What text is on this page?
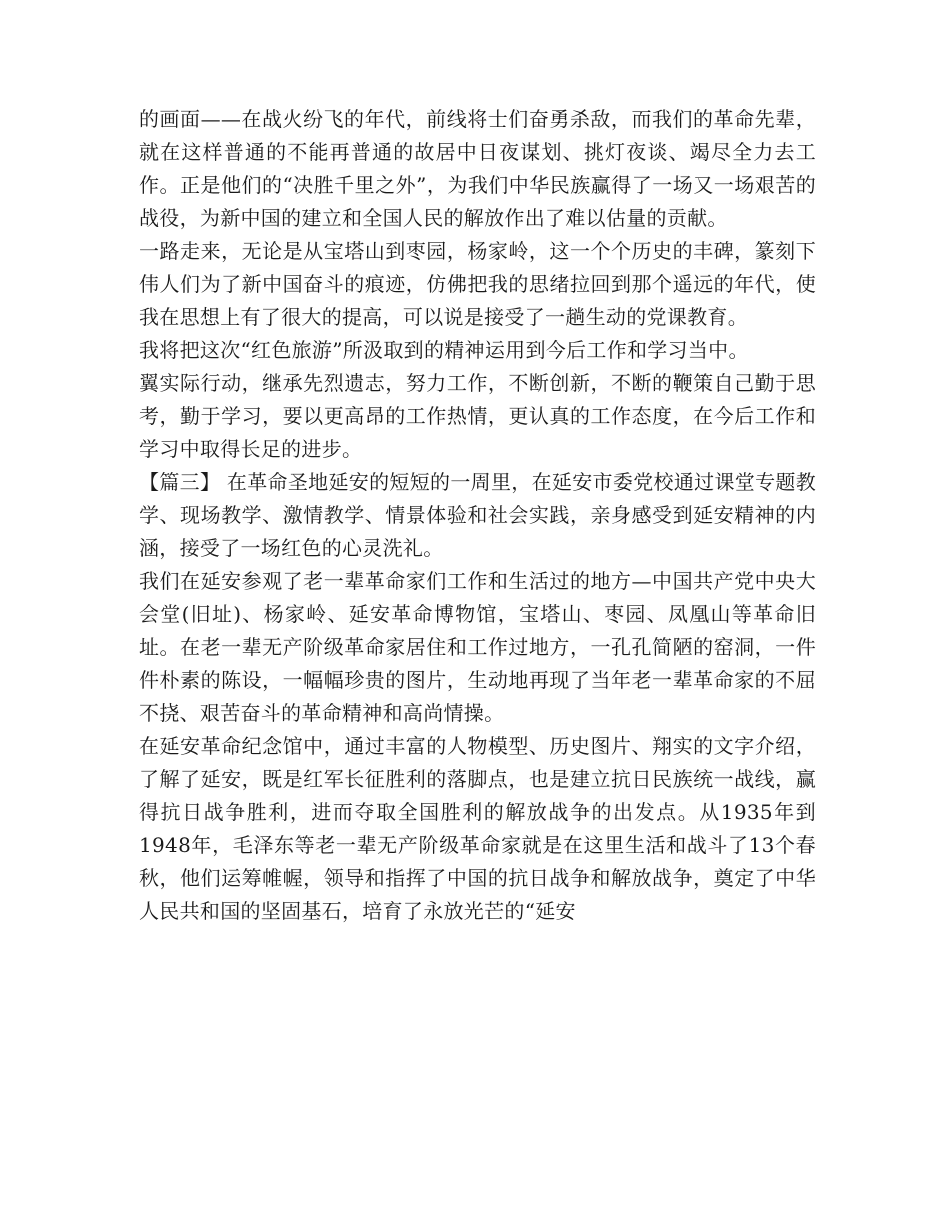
的画面——在战火纷飞的年代，前线将士们奋勇杀敌，而我们的革命先辈，就在这样普通的不能再普通的故居中日夜谋划、挑灯夜谈、竭尽全力去工作。正是他们的“决胜千里之外”，为我们中华民族赢得了一场又一场艰苦的战役，为新中国的建立和全国人民的解放作出了难以估量的贡献。

一路走来，无论是从宝塔山到枣园，杨家岭，这一个个历史的丰碑，篆刻下伟人们为了新中国奋斗的痕迹，仿佛把我的思绪拉回到那个遥远的年代，使我在思想上有了很大的提高，可以说是接受了一趟生动的党课教育。

我将把这次“红色旅游”所汲取到的精神运用到今后工作和学习当中。

翼实际行动，继承先烈遗志，努力工作，不断创新，不断的鞭策自己勤于思考，勤于学习，要以更高昂的工作热情，更认真的工作态度，在今后工作和学习中取得长足的进步。

【篇三】 在革命圣地延安的短短的一周里，在延安市委党校通过课堂专题教学、现场教学、激情教学、情景体验和社会实践，亲身感受到延安精神的内涵，接受了一场红色的心灵洗礼。

我们在延安参观了老一辈革命家们工作和生活过的地方—中国共产党中央大会堂(旧址)、杨家岭、延安革命博物馆，宝塔山、枣园、凤凰山等革命旧址。在老一辈无产阶级革命家居住和工作过地方，一孔孔简陋的窑洞，一件件朴素的陈设，一幅幅珍贵的图片，生动地再现了当年老一辈革命家的不屈不挠、艰苦奋斗的革命精神和高尚情操。

在延安革命纪念馆中，通过丰富的人物模型、历史图片、翔实的文字介绍，了解了延安，既是红军长征胜利的落脚点，也是建立抗日民族统一战线，赢得抗日战争胜利，进而夺取全国胜利的解放战争的出发点。从1935年到1948年，毛泽东等老一辈无产阶级革命家就是在这里生活和战斗了13个春秋，他们运筹帷幄，领导和指挥了中国的抗日战争和解放战争，奠定了中华人民共和国的坚固基石，培育了永放光芒的“延安
